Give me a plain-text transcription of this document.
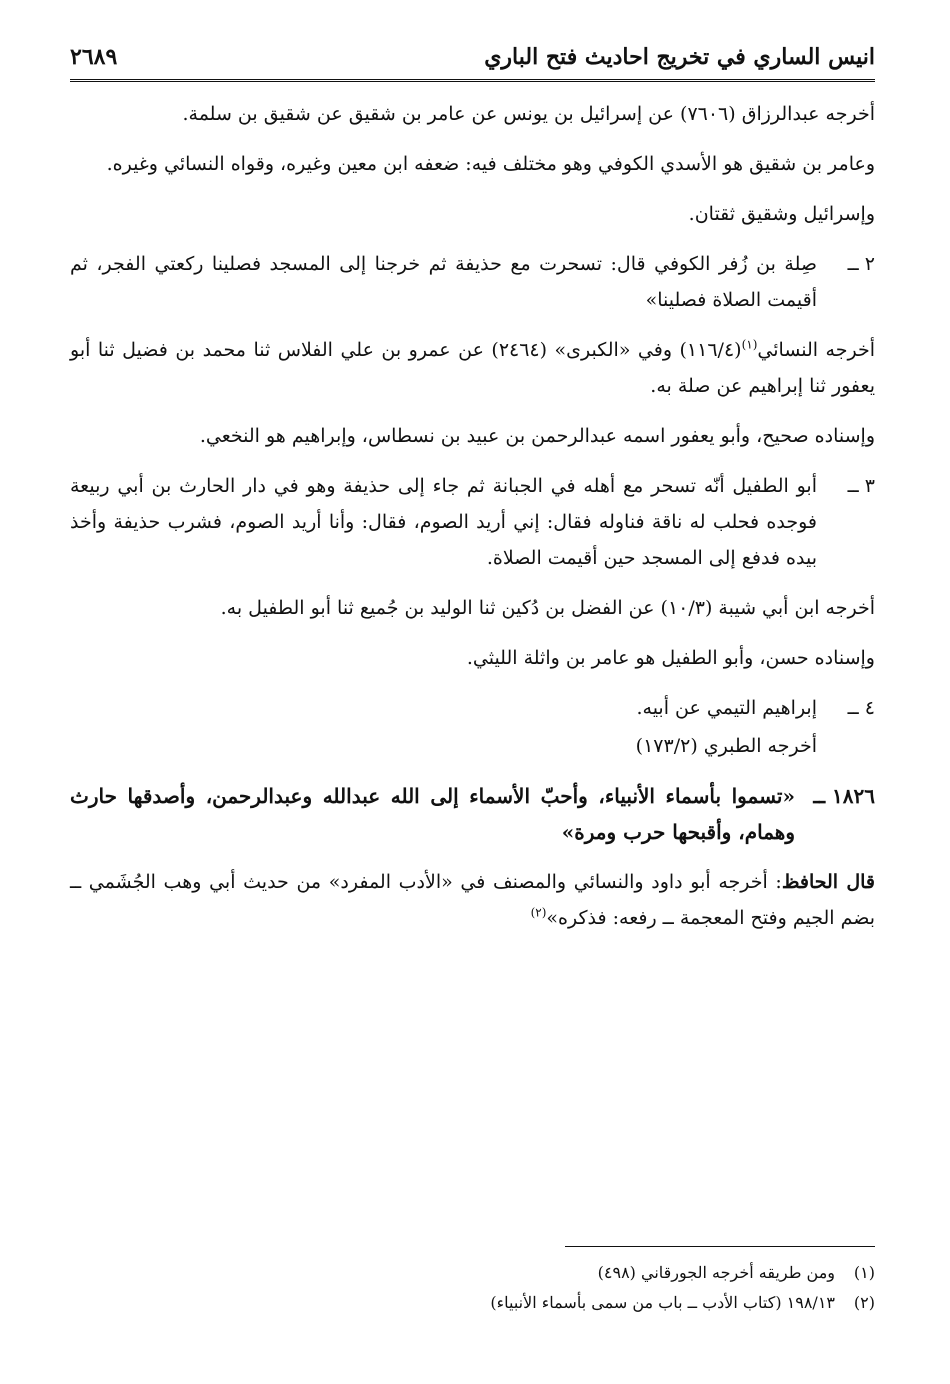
انيس الساري في تخريج احاديث فتح الباري
٢٦٨٩

أخرجه عبدالرزاق (٧٦٠٦) عن إسرائيل بن يونس عن عامر بن شقيق عن شقيق بن سلمة.

وعامر بن شقيق هو الأسدي الكوفي وهو مختلف فيه: ضعفه ابن معين وغيره، وقواه النسائي وغيره.

وإسرائيل وشقيق ثقتان.

٢ ــ
صِلة بن زُفر الكوفي قال: تسحرت مع حذيفة ثم خرجنا إلى المسجد فصلينا ركعتي الفجر، ثم أقيمت الصلاة فصلينا»

أخرجه النسائي$^{(١)}$(١١٦/٤) وفي «الكبرى» (٢٤٦٤) عن عمرو بن علي الفلاس ثنا محمد بن فضيل ثنا أبو يعفور ثنا إبراهيم عن صلة به.

وإسناده صحيح، وأبو يعفور اسمه عبدالرحمن بن عبيد بن نسطاس، وإبراهيم هو النخعي.

٣ ــ
أبو الطفيل أنّه تسحر مع أهله في الجبانة ثم جاء إلى حذيفة وهو في دار الحارث بن أبي ربيعة فوجده فحلب له ناقة فناوله فقال: إني أريد الصوم، فقال: وأنا أريد الصوم، فشرب حذيفة وأخذ بيده فدفع إلى المسجد حين أقيمت الصلاة.

أخرجه ابن أبي شيبة (١٠/٣) عن الفضل بن دُكين ثنا الوليد بن جُميع ثنا أبو الطفيل به.

وإسناده حسن، وأبو الطفيل هو عامر بن واثلة الليثي.

٤ ــ
إبراهيم التيمي عن أبيه.
أخرجه الطبري (١٧٣/٢)
١٨٢٦ ــ
«تسموا بأسماء الأنبياء، وأحبّ الأسماء إلى الله عبدالله وعبدالرحمن، وأصدقها حارث وهمام، وأقبحها حرب ومرة»

قال الحافظ: أخرجه أبو داود والنسائي والمصنف في «الأدب المفرد» من حديث أبي وهب الجُشَمي ــ بضم الجيم وفتح المعجمة ــ رفعه: فذكره»$^{(٢)}$

(١)
ومن طريقه أخرجه الجورقاني (٤٩٨)
(٢)
١٩٨/١٣ (كتاب الأدب ــ باب من سمى بأسماء الأنبياء)
